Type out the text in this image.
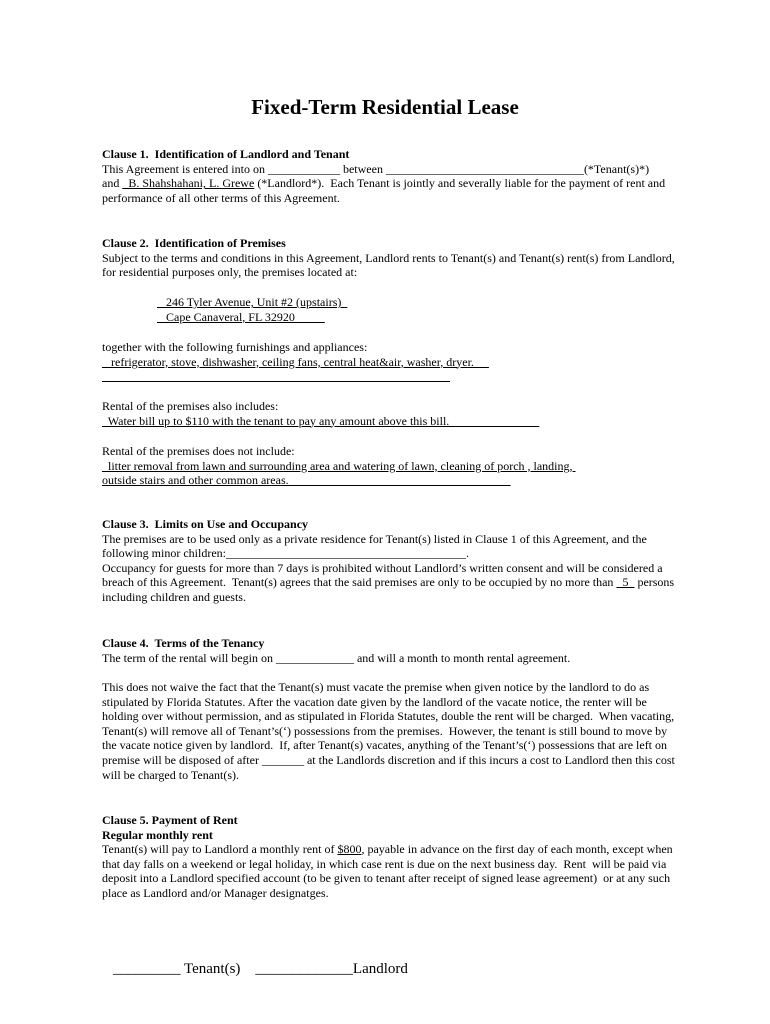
Fixed-Term Residential Lease
Clause 1.  Identification of Landlord and Tenant
This Agreement is entered into on ____________ between _________________________________(*Tenant(s)*)
and _B. Shahshahani, L. Grewe (*Landlord*).  Each Tenant is jointly and severally liable for the payment of rent and
performance of all other terms of this Agreement.
Clause 2.  Identification of Premises
Subject to the terms and conditions in this Agreement, Landlord rents to Tenant(s) and Tenant(s) rent(s) from Landlord,
for residential purposes only, the premises located at:
246 Tyler Avenue, Unit #2 (upstairs)
Cape Canaveral, FL 32920
together with the following furnishings and appliances:
refrigerator, stove, dishwasher, ceiling fans, central heat&air, washer, dryer.

Rental of the premises also includes:
Water bill up to $110 with the tenant to pay any amount above this bill.
Rental of the premises does not include:
litter removal from lawn and surrounding area and watering of lawn, cleaning of porch , landing,
outside stairs and other common areas.
Clause 3.  Limits on Use and Occupancy
The premises are to be used only as a private residence for Tenant(s) listed in Clause 1 of this Agreement, and the
following minor children:________________________________________.
Occupancy for guests for more than 7 days is prohibited without Landlord’s written consent and will be considered a
breach of this Agreement.  Tenant(s) agrees that the said premises are only to be occupied by no more than _5_ persons
including children and guests.
Clause 4.  Terms of the Tenancy
The term of the rental will begin on _____________ and will a month to month rental agreement.
This does not waive the fact that the Tenant(s) must vacate the premise when given notice by the landlord to do as
stipulated by Florida Statutes. After the vacation date given by the landlord of the vacate notice, the renter will be
holding over without permission, and as stipulated in Florida Statutes, double the rent will be charged.  When vacating,
Tenant(s) will remove all of Tenant’s(‘) possessions from the premises.  However, the tenant is still bound to move by
the vacate notice given by landlord.  If, after Tenant(s) vacates, anything of the Tenant’s(‘) possessions that are left on
premise will be disposed of after _______ at the Landlords discretion and if this incurs a cost to Landlord then this cost
will be charged to Tenant(s).
Clause 5. Payment of Rent
Regular monthly rent
Tenant(s) will pay to Landlord a monthly rent of $800, payable in advance on the first day of each month, except when
that day falls on a weekend or legal holiday, in which case rent is due on the next business day.  Rent  will be paid via
deposit into a Landlord specified account (to be given to tenant after receipt of signed lease agreement)  or at any such
place as Landlord and/or Manager designatges.
_________ Tenant(s) _____________Landlord
